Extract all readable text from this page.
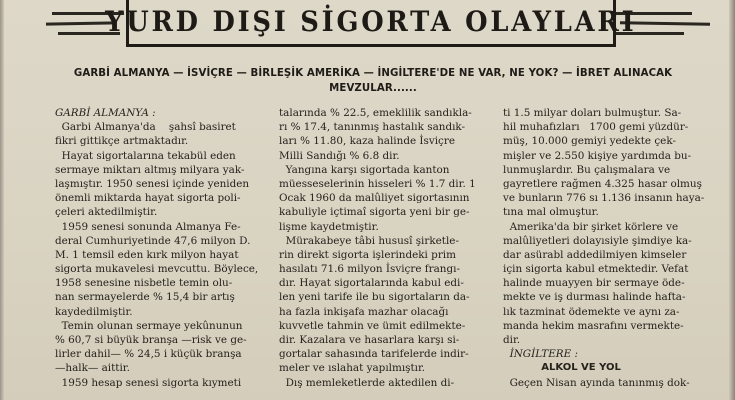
YURD DIŞI SİGORTA OLAYLARI
GARBİ ALMANYA — İSVİÇRE — BİRLEŞİK AMERİKA — İNGİLTERE'DE NE VAR, NE YOK? — İBRET ALINACAK MEVZULAR......
GARBİ ALMANYA :
Garbi Almanya'da    şahsî basiret
fikri gittikçe artmaktadır.
Hayat sigortalarına tekabül eden
sermaye miktarı altmış milyara yak-
laşmıştır. 1950 senesi içinde yeniden
önemli miktarda hayat sigorta poli-
çeleri aktedilmiştir.
1959 senesi sonunda Almanya Fe-
deral Cumhuriyetinde 47,6 milyon D.
M. 1 temsil eden kırk milyon hayat
sigorta mukavelesi mevcuttu. Böylece,
1958 senesine nisbetle temin olu-
nan sermayelerde % 15,4 bir artış
kaydedilmiştir.
Temin olunan sermaye yekûnunun
% 60,7 si büyük branşa —risk ve ge-
lirler dahil— % 24,5 i küçük branşa
—halk— aittir.
1959 hesap senesi sigorta kıymeti
talarında % 22.5, emeklilik sandıkla-
rı % 17.4, tanınmış hastalık sandık-
ları % 11.80, kaza halinde İsviçre
Milli Sandığı % 6.8 dir.
Yangına karşı sigortada kanton
müesseselerinin hisseleri % 1.7 dir. 1
Ocak 1960 da malûliyet sigortasının
kabuliyle içtimaî sigorta yeni bir ge-
lişme kaydetmiştir.
Mürakabeye tâbi hususî şirketle-
rin direkt sigorta işlerindeki prim
hasılatı 71.6 milyon İsviçre frangı-
dır. Hayat sigortalarında kabul edi-
len yeni tarife ile bu sigortaların da-
ha fazla inkişafa mazhar olacağı
kuvvetle tahmin ve ümit edilmekte-
dir. Kazalara ve hasarlara karşı si-
gortalar sahasında tarifelerde indir-
meler ve ıslahat yapılmıştır.
Dış memleketlerde aktedilen di-
ti 1.5 milyar doları bulmuştur. Sa-
hil muhafızları   1700 gemi yüzdür-
müş, 10.000 gemiyi yedekte çek-
mişler ve 2.550 kişiye yardımda bu-
lunmuşlardır. Bu çalışmalara ve
gayretlere rağmen 4.325 hasar olmuş
ve bunların 776 sı 1.136 insanın haya-
tına mal olmuştur.
Amerika'da bir şirket körlere ve
malûliyetleri dolayısiyle şimdiye ka-
dar asürabl addedilmiyen kimseler
için sigorta kabul etmektedir. Vefat
halinde muayyen bir sermaye öde-
mekte ve iş durması halinde hafta-
lık tazminat ödemekte ve aynı za-
manda hekim masrafını vermekte-
dir.
İNGİLTERE :
ALKOL VE YOL
Geçen Nisan ayında tanınmış dok-
